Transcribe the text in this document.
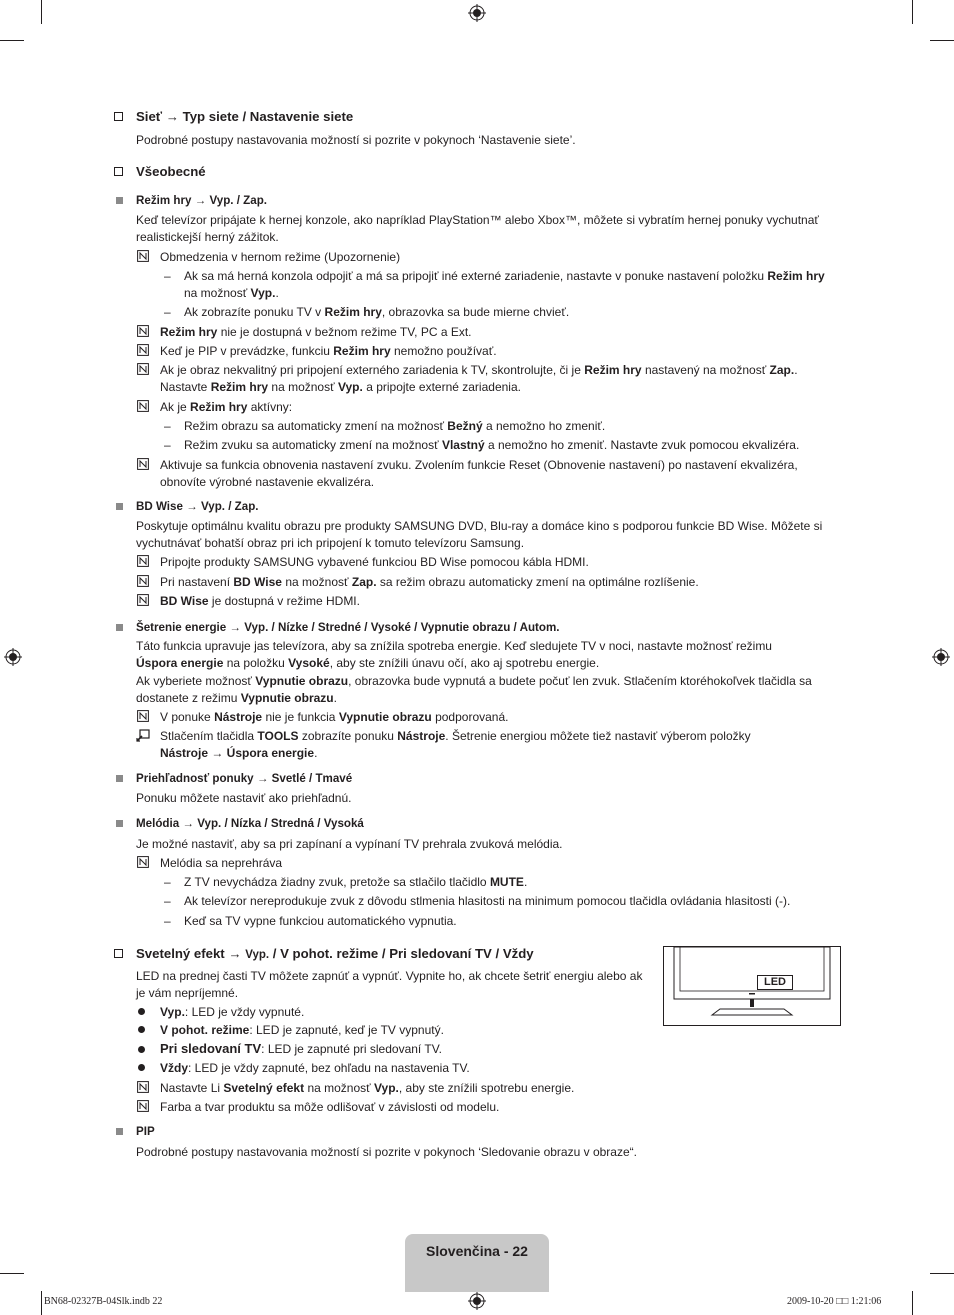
Sieť → Typ siete / Nastavenie siete
Podrobné postupy nastavovania možností si pozrite v pokynoch ‘Nastavenie siete’.
Všeobecné
Režim hry → Vyp. / Zap.
Keď televízor pripájate k hernej konzole, ako napríklad PlayStation™ alebo Xbox™, môžete si vybratím hernej ponuky vychutnať
realistickejší herný zážitok.
Obmedzenia v hernom režime (Upozornenie)
– Ak sa má herná konzola odpojiť a má sa pripojiť iné externé zariadenie, nastavte v ponuke nastavení položku Režim hry
na možnosť Vyp..
– Ak zobrazíte ponuku TV v Režim hry, obrazovka sa bude mierne chvieť.
Režim hry nie je dostupná v bežnom režime TV, PC a Ext.
Keď je PIP v prevádzke, funkciu Režim hry nemožno používať.
Ak je obraz nekvalitný pri pripojení externého zariadenia k TV, skontrolujte, či je Režim hry nastavený na možnosť Zap..
Nastavte Režim hry na možnosť Vyp. a pripojte externé zariadenia.
Ak je Režim hry aktívny:
– Režim obrazu sa automaticky zmení na možnosť Bežný a nemožno ho zmeniť.
– Režim zvuku sa automaticky zmení na možnosť Vlastný a nemožno ho zmeniť. Nastavte zvuk pomocou ekvalizéra.
Aktivuje sa funkcia obnovenia nastavení zvuku. Zvolením funkcie Reset (Obnovenie nastavení) po nastavení ekvalizéra,
obnovíte výrobné nastavenie ekvalizéra.
BD Wise → Vyp. / Zap.
Poskytuje optimálnu kvalitu obrazu pre produkty SAMSUNG DVD, Blu-ray a domáce kino s podporou funkcie BD Wise. Môžete si
vychutnávať bohatší obraz pri ich pripojení k tomuto televízoru Samsung.
Pripojte produkty SAMSUNG vybavené funkciou BD Wise pomocou kábla HDMI.
Pri nastavení BD Wise na možnosť Zap. sa režim obrazu automaticky zmení na optimálne rozlíšenie.
BD Wise je dostupná v režime HDMI.
Šetrenie energie → Vyp. / Nízke / Stredné / Vysoké / Vypnutie obrazu / Autom.
Táto funkcia upravuje jas televízora, aby sa znížila spotreba energie. Keď sledujete TV v noci, nastavte možnosť režimu
Úspora energie na položku Vysoké, aby ste znížili únavu očí, ako aj spotrebu energie.
Ak vyberiete možnosť Vypnutie obrazu, obrazovka bude vypnutá a budete počuť len zvuk. Stlačením ktoréhokoľvek tlačidla sa
dostanete z režimu Vypnutie obrazu.
V ponuke Nástroje nie je funkcia Vypnutie obrazu podporovaná.
Stlačením tlačidla TOOLS zobrazíte ponuku Nástroje. Šetrenie energiou môžete tiež nastaviť výberom položky
Nástroje → Úspora energie.
Priehľadnosť ponuky → Svetlé / Tmavé
Ponuku môžete nastaviť ako priehľadnú.
Melódia → Vyp. / Nízka / Stredná / Vysoká
Je možné nastaviť, aby sa pri zapínaní a vypínaní TV prehrala zvuková melódia.
Melódia sa neprehráva
– Z TV nevychádza žiadny zvuk, pretože sa stlačilo tlačidlo MUTE.
– Ak televízor nereprodukuje zvuk z dôvodu stlmenia hlasitosti na minimum pomocou tlačidla ovládania hlasitosti (-).
– Keď sa TV vypne funkciou automatického vypnutia.
Svetelný efekt → Vyp. / V pohot. režime / Pri sledovaní TV / Vždy
LED na prednej časti TV môžete zapnúť a vypnúť. Vypnite ho, ak chcete šetriť energiu alebo ak
je vám nepríjemné.
Vyp.: LED je vždy vypnuté.
V pohot. režime: LED je zapnuté, keď je TV vypnutý.
Pri sledovaní TV: LED je zapnuté pri sledovaní TV.
Vždy: LED je vždy zapnuté, bez ohľadu na nastavenia TV.
Nastavte Li Svetelný efekt na možnosť Vyp., aby ste znížili spotrebu energie.
Farba a tvar produktu sa môže odlišovať v závislosti od modelu.
LED
PIP
Podrobné postupy nastavovania možností si pozrite v pokynoch ‘Sledovanie obrazu v obraze“.
Slovenčina - 22
BN68-02327B-04Slk.indb 22	2009-10-20 □□ 1:21:06
